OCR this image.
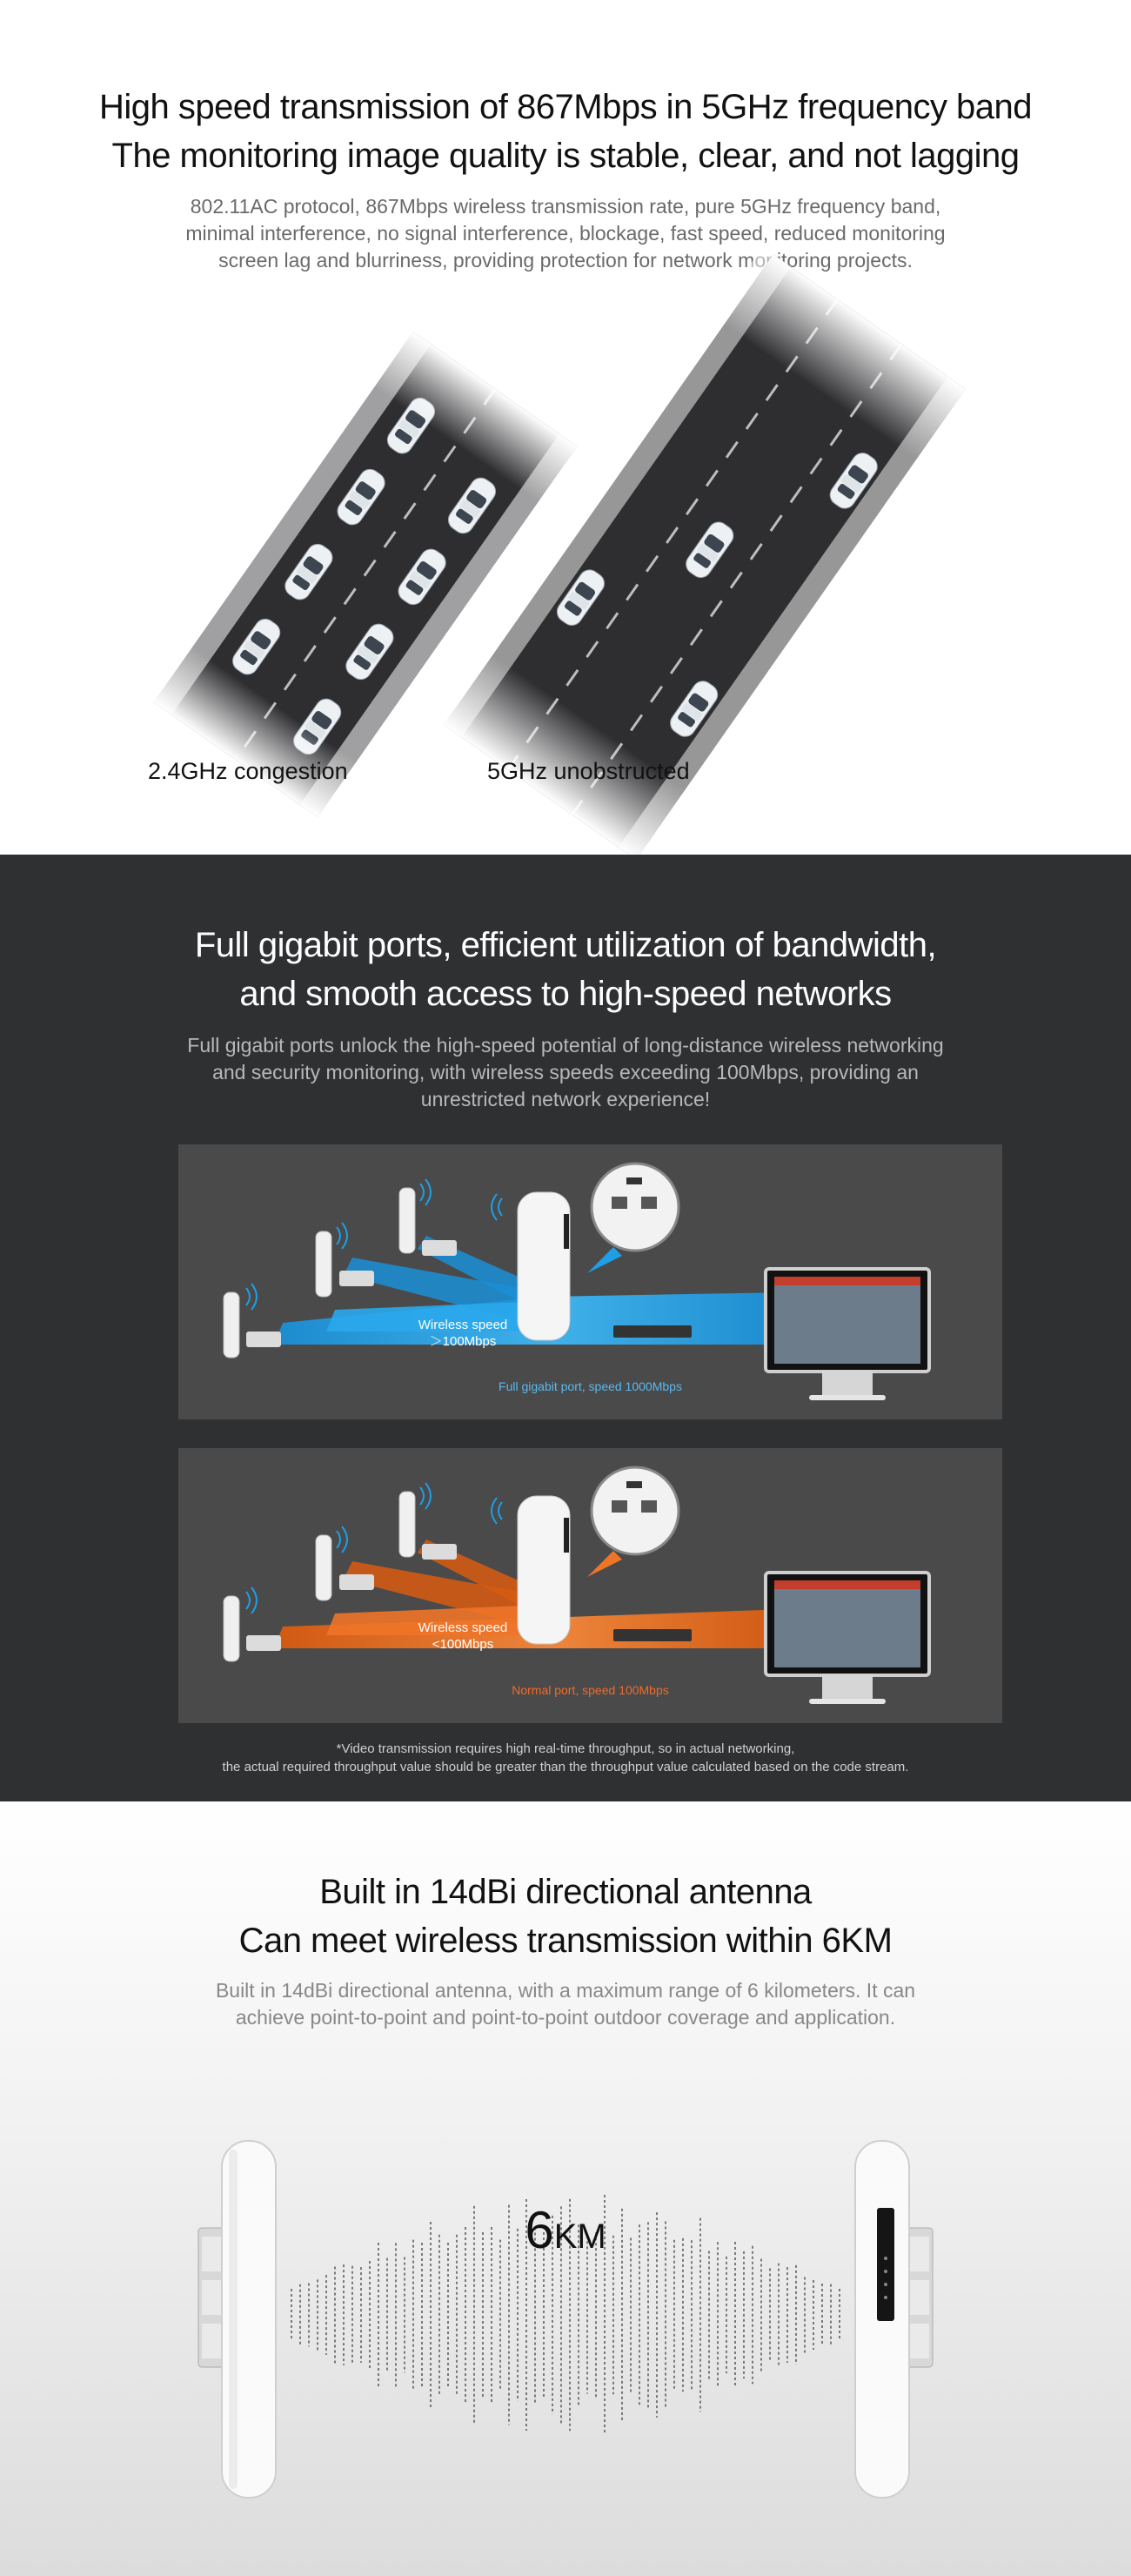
High speed transmission of 867Mbps in 5GHz frequency band
The monitoring image quality is stable, clear, and not lagging
802.11AC protocol, 867Mbps wireless transmission rate, pure 5GHz frequency band,
minimal interference, no signal interference, blockage, fast speed, reduced monitoring
screen lag and blurriness, providing protection for network monitoring projects.
2.4GHz congestion	5GHz unobstructed
Full gigabit ports, efficient utilization of bandwidth,
and smooth access to high-speed networks
Full gigabit ports unlock the high-speed potential of long-distance wireless networking
and security monitoring, with wireless speeds exceeding 100Mbps, providing an
unrestricted network experience!
Wireless speed
＞100Mbps
Full gigabit port, speed 1000Mbps
Wireless speed
<100Mbps
Normal port, speed 100Mbps
*Video transmission requires high real-time throughput, so in actual networking,
the actual required throughput value should be greater than the throughput value calculated based on the code stream.
Built in 14dBi directional antenna
Can meet wireless transmission within 6KM
Built in 14dBi directional antenna, with a maximum range of 6 kilometers. It can
achieve point-to-point and point-to-point outdoor coverage and application.
6KM
